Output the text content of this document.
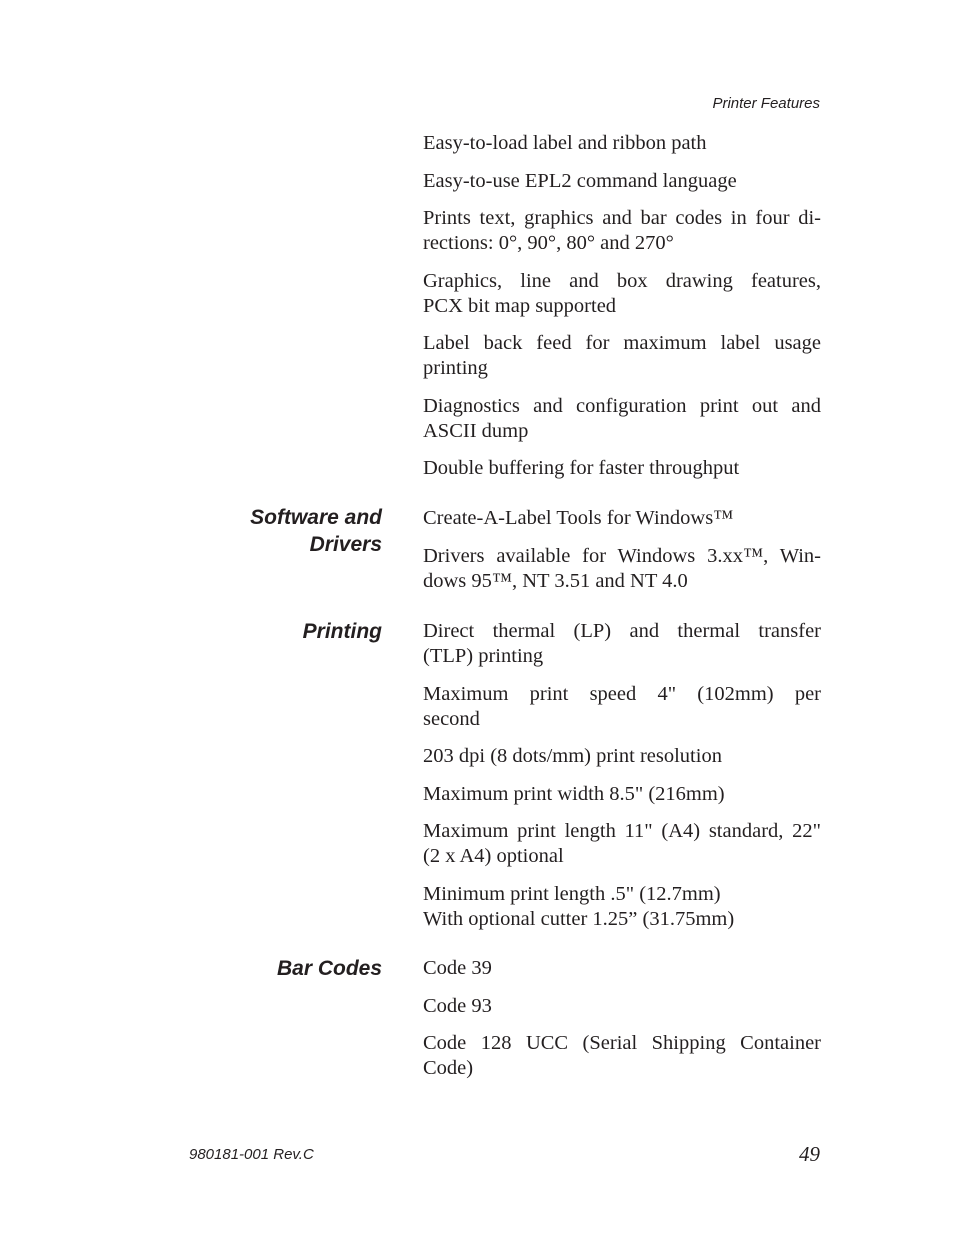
Printer Features

Easy-to-load label and ribbon path

Easy-to-use EPL2 command language

Prints text, graphics and bar codes in four di-
rections: 0°, 90°, 80° and 270°

Graphics, line and box drawing features,
PCX bit map supported

Label back feed for maximum label usage
printing

Diagnostics and configuration print out and
ASCII dump

Double buffering for faster throughput

Software and
Drivers

Create-A-Label Tools for Windows™

Drivers available for Windows 3.xx™, Win-
dows 95™, NT 3.51 and NT 4.0

Printing Direct thermal (LP) and thermal transfer
(TLP) printing

Maximum print speed 4" (102mm) per
second

203 dpi (8 dots/mm) print resolution

Maximum print width 8.5" (216mm)

Maximum print length 11" (A4) standard, 22"
(2 x A4) optional

Minimum print length .5" (12.7mm)
With optional cutter 1.25” (31.75mm)

Bar Codes Code 39

Code 93

Code 128 UCC (Serial Shipping Container
Code)

980181-001 Rev.C	49
